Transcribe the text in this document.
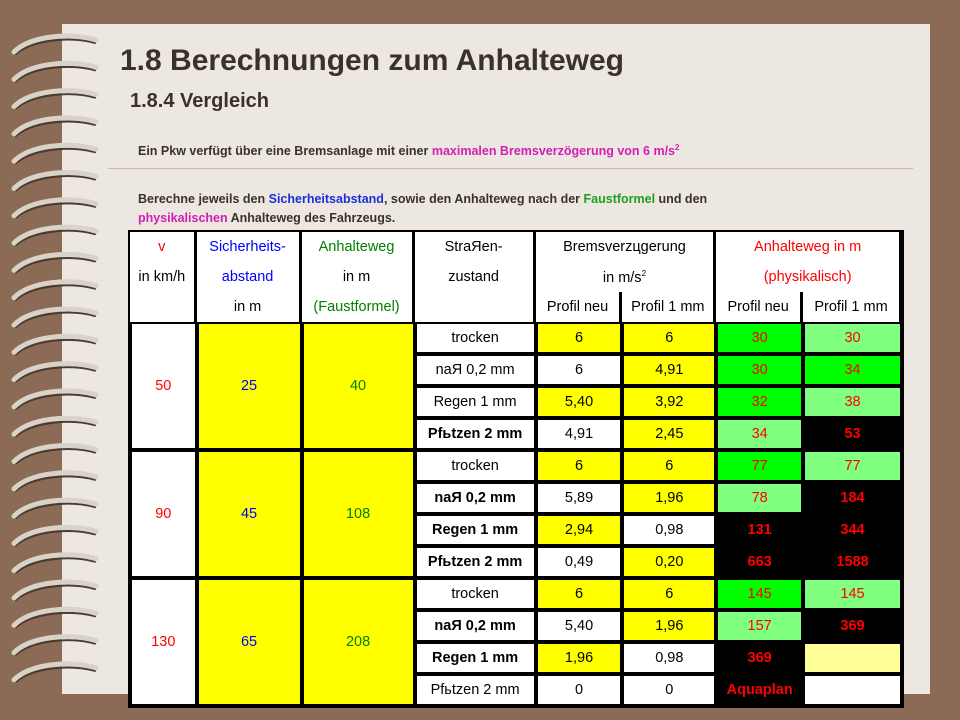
1.8 Berechnungen zum Anhalteweg
1.8.4 Vergleich
Ein Pkw verfügt über eine Bremsanlage mit einer maximalen Bremsverzögerung von 6 $m/s^2$
Berechne jeweils den Sicherheitsabstand, sowie den Anhalteweg nach der Faustformel und den
physikalischen Anhalteweg des Fahrzeugs.
v	Sicherheits-	Anhalteweg	StraЯen-	Bremsverzцgerung		Anhalteweg in m	
in km/h	abstand	in m	zustand	in $m/s^2$		(physikalisch)	
	in m	(Faustformel)		Profil neu	Profil 1 mm	Profil neu	Profil 1 mm
50	25	40	trocken	6	6	30	30
			naЯ 0,2 mm	6	4,91	30	34
			Regen 1 mm	5,40	3,92	32	38
			Pfьtzen 2 mm	4,91	2,45	34	53
90	45	108	trocken	6	6	77	77
			naЯ 0,2 mm	5,89	1,96	78	184
			Regen 1 mm	2,94	0,98	131	344
			Pfьtzen 2 mm	0,49	0,20	663	1588
130	65	208	trocken	6	6	145	145
			naЯ 0,2 mm	5,40	1,96	157	369
			Regen 1 mm	1,96	0,98	369	
			Pfьtzen 2 mm	0	0	Aquaplan	
